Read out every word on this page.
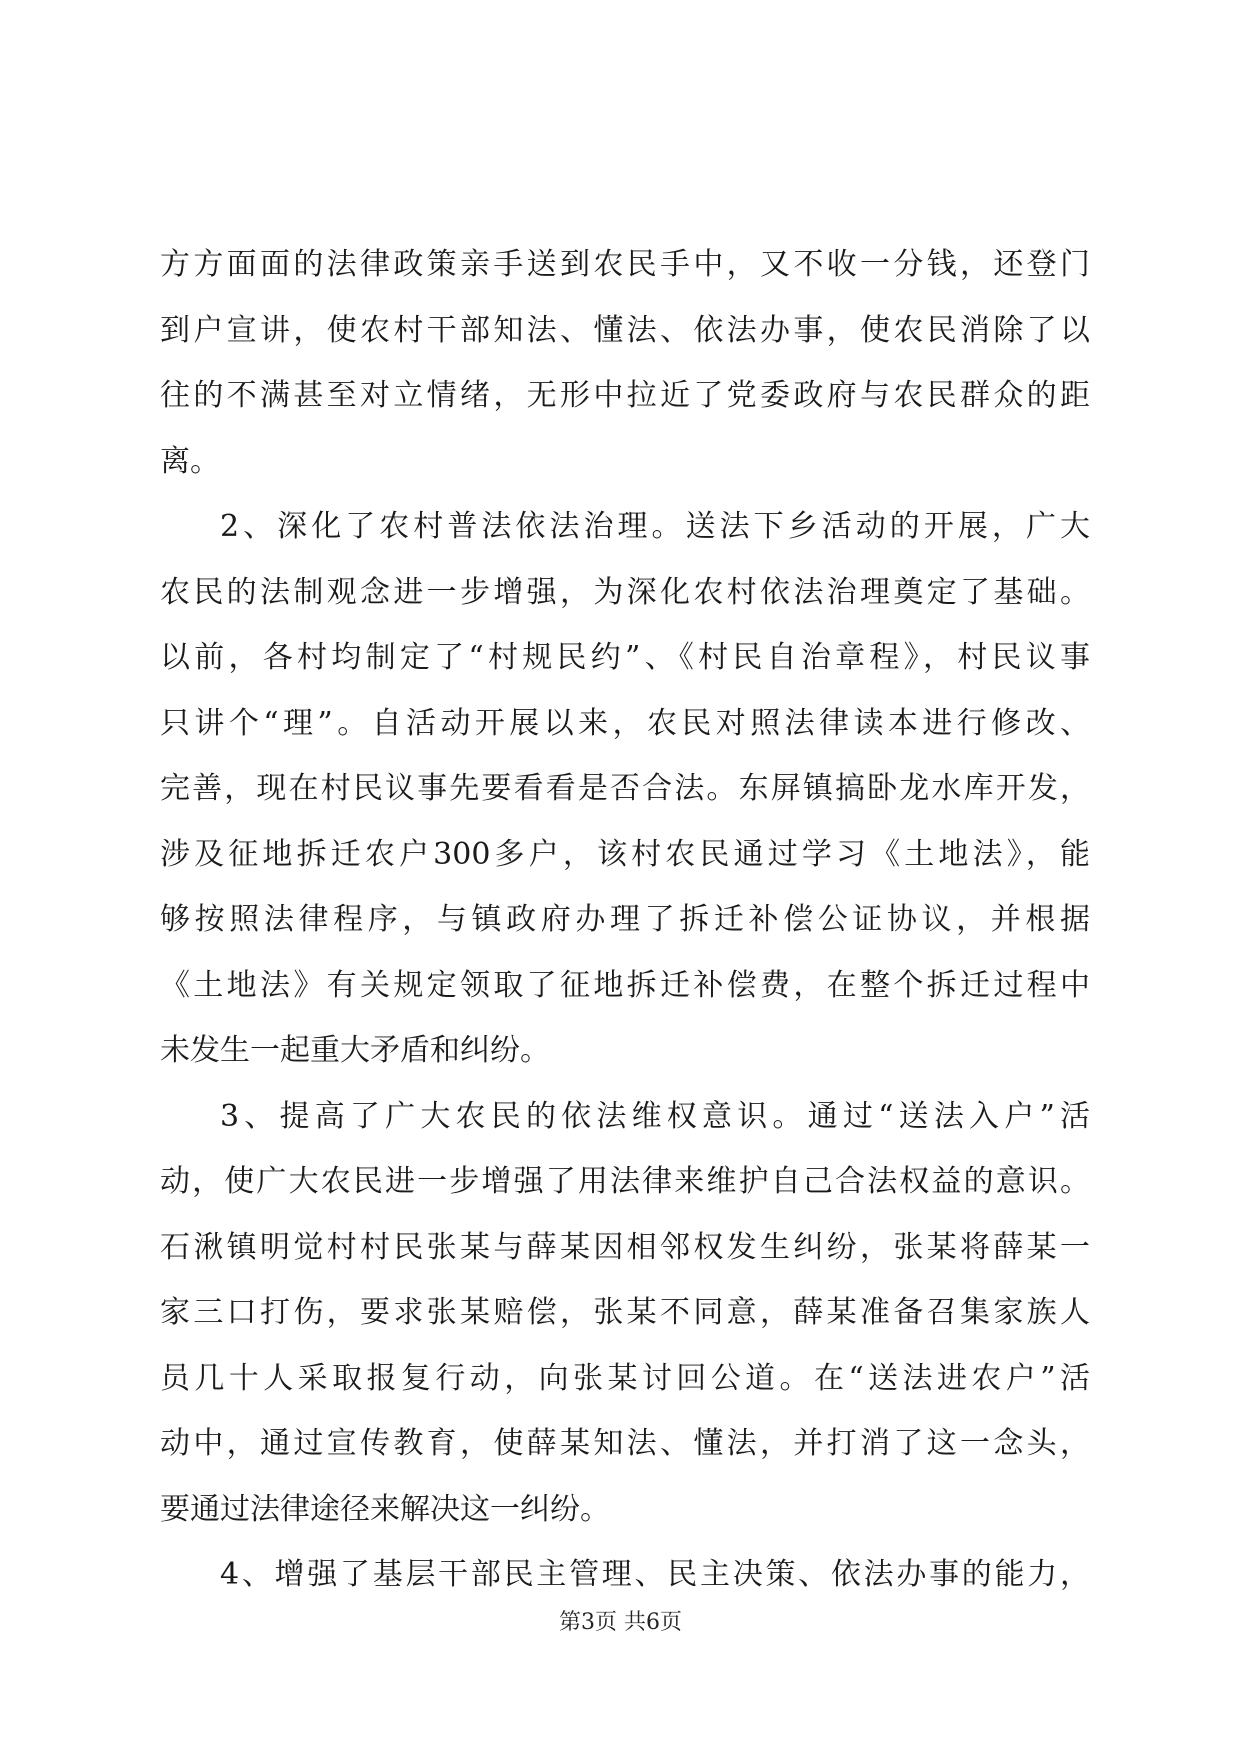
方方面面的法律政策亲手送到农民手中，又不收一分钱，还登门
到户宣讲，使农村干部知法、懂法、依法办事，使农民消除了以
往的不满甚至对立情绪，无形中拉近了党委政府与农民群众的距
离。
2、深化了农村普法依法治理。送法下乡活动的开展，广大
农民的法制观念进一步增强，为深化农村依法治理奠定了基础。
以前，各村均制定了“村规民约”、《村民自治章程》，村民议事
只讲个“理”。自活动开展以来，农民对照法律读本进行修改、
完善，现在村民议事先要看看是否合法。东屏镇搞卧龙水库开发，
涉及征地拆迁农户300多户，该村农民通过学习《土地法》，能
够按照法律程序，与镇政府办理了拆迁补偿公证协议，并根据
《土地法》有关规定领取了征地拆迁补偿费，在整个拆迁过程中
未发生一起重大矛盾和纠纷。
3、提高了广大农民的依法维权意识。通过“送法入户”活
动，使广大农民进一步增强了用法律来维护自己合法权益的意识。
石湫镇明觉村村民张某与薛某因相邻权发生纠纷，张某将薛某一
家三口打伤，要求张某赔偿，张某不同意，薛某准备召集家族人
员几十人采取报复行动，向张某讨回公道。在“送法进农户”活
动中，通过宣传教育，使薛某知法、懂法，并打消了这一念头，
要通过法律途径来解决这一纠纷。
4、增强了基层干部民主管理、民主决策、依法办事的能力，
第3页 共6页
